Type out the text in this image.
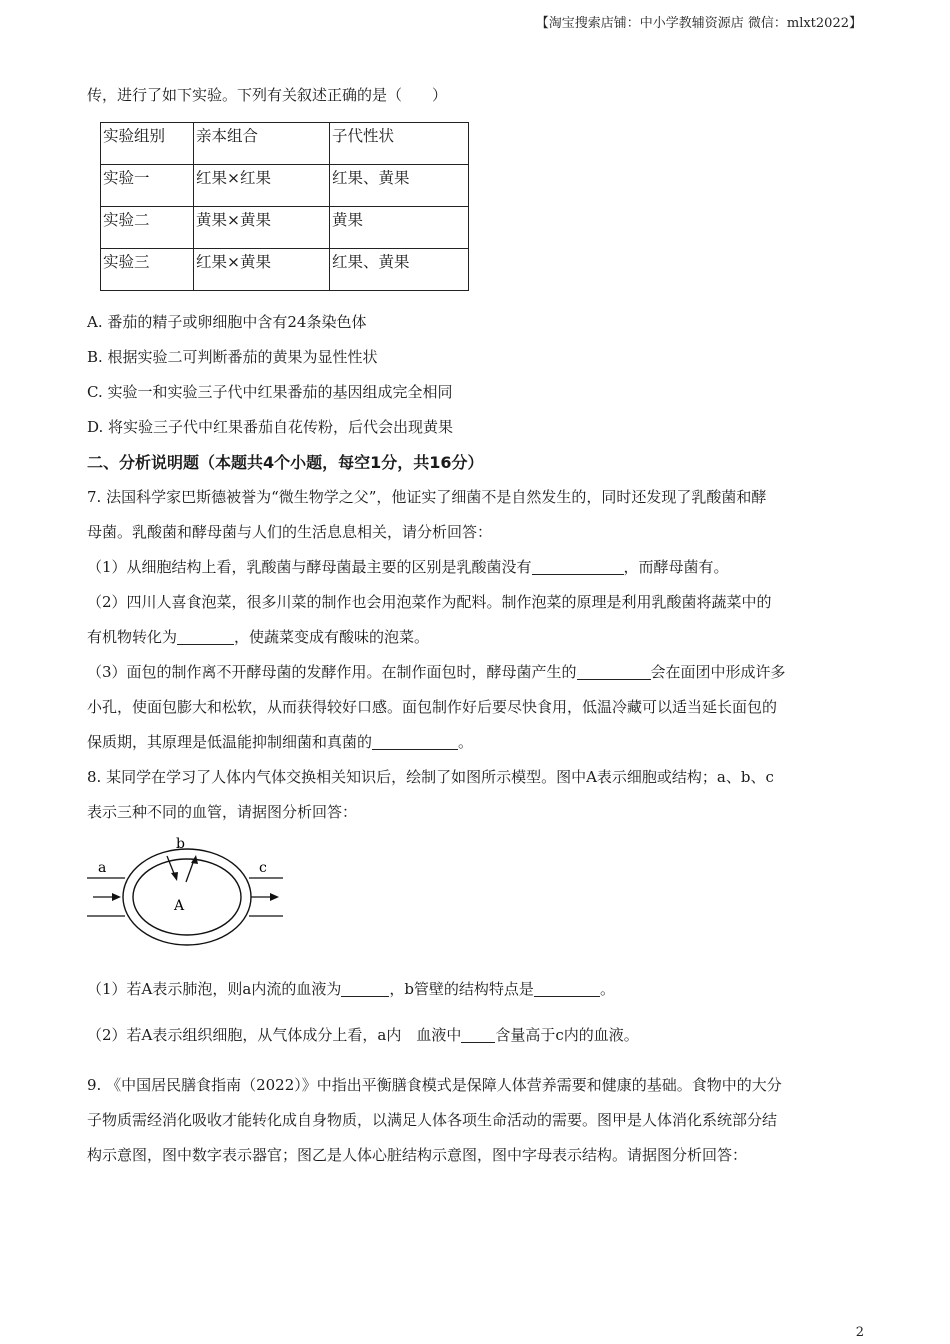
【淘宝搜索店铺：中小学教辅资源店 微信：mlxt2022】
传，进行了如下实验。下列有关叙述正确的是（　　）
实验组别	亲本组合	子代性状
实验一	红果×红果	红果、黄果
实验二	黄果×黄果	黄果
实验三	红果×黄果	红果、黄果
A. 番茄的精子或卵细胞中含有24条染色体
B. 根据实验二可判断番茄的黄果为显性性状
C. 实验一和实验三子代中红果番茄的基因组成完全相同
D. 将实验三子代中红果番茄自花传粉，后代会出现黄果
二、分析说明题（本题共4个小题，每空1分，共16分）
7. 法国科学家巴斯德被誉为“微生物学之父”，他证实了细菌不是自然发生的，同时还发现了乳酸菌和酵
母菌。乳酸菌和酵母菌与人们的生活息息相关，请分析回答：
（1）从细胞结构上看，乳酸菌与酵母菌最主要的区别是乳酸菌没有	，而酵母菌有。
（2）四川人喜食泡菜，很多川菜的制作也会用泡菜作为配料。制作泡菜的原理是利用乳酸菌将蔬菜中的
有机物转化为	，使蔬菜变成有酸味的泡菜。
（3）面包的制作离不开酵母菌的发酵作用。在制作面包时，酵母菌产生的	会在面团中形成许多
小孔，使面包膨大和松软，从而获得较好口感。面包制作好后要尽快食用，低温冷藏可以适当延长面包的
保质期，其原理是低温能抑制细菌和真菌的	。
8. 某同学在学习了人体内气体交换相关知识后，绘制了如图所示模型。图中A表示细胞或结构；a、b、c
表示三种不同的血管，请据图分析回答：
a
b
c
A
（1）若A表示肺泡，则a内流的血液为	，b管壁的结构特点是	。
（2）若A表示组织细胞，从气体成分上看，a内　血液中 含量高于c内的血液。
9. 《中国居民膳食指南（2022）》中指出平衡膳食模式是保障人体营养需要和健康的基础。食物中的大分
子物质需经消化吸收才能转化成自身物质，以满足人体各项生命活动的需要。图甲是人体消化系统部分结
构示意图，图中数字表示器官；图乙是人体心脏结构示意图，图中字母表示结构。请据图分析回答：
2
